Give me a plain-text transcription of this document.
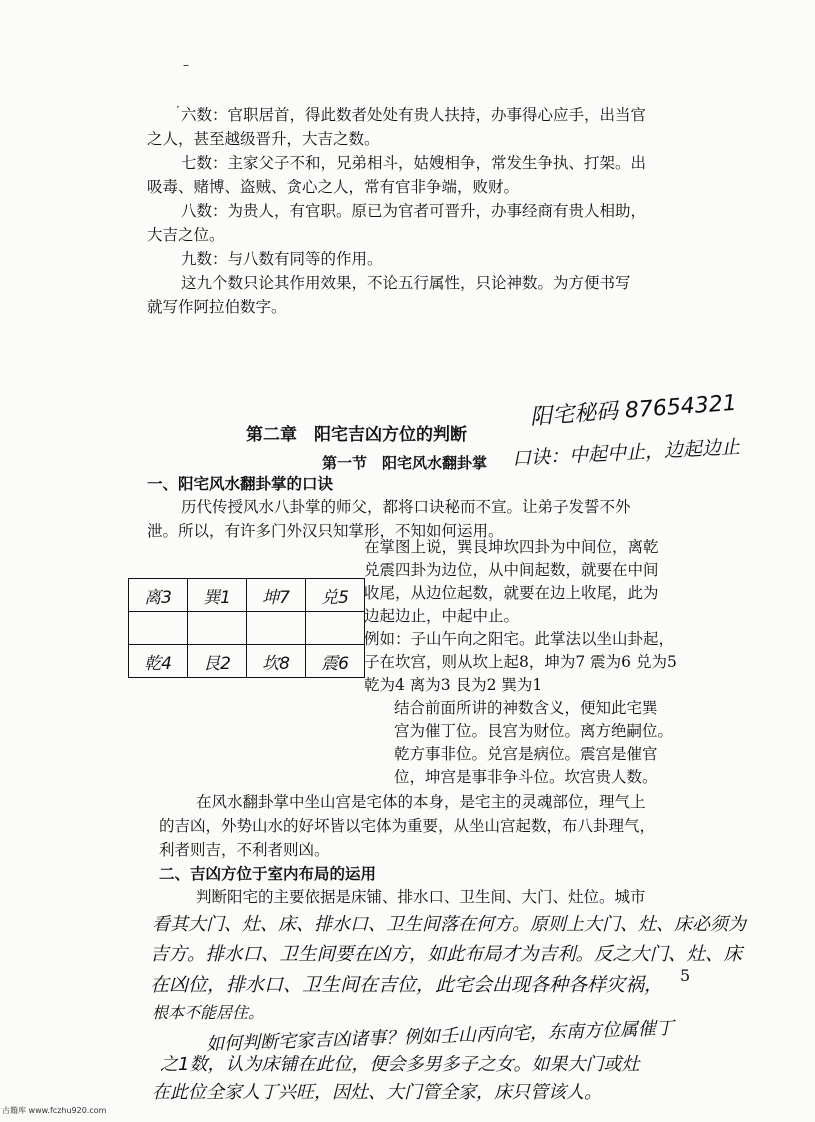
–
· 六数：官职居首，得此数者处处有贵人扶持，办事得心应手，出当官
之人，甚至越级晋升，大吉之数。
七数：主家父子不和，兄弟相斗，姑嫂相争，常发生争执、打架。出
吸毒、赌博、盗贼、贪心之人，常有官非争端，败财。
八数：为贵人，有官职。原已为官者可晋升，办事经商有贵人相助，
大吉之位。
九数：与八数有同等的作用。
这九个数只论其作用效果，不论五行属性，只论神数。为方便书写
就写作阿拉伯数字。
第二章　阳宅吉凶方位的判断
阳宅秘码 87654321
第一节　阳宅风水翻卦掌 口诀：中起中止，边起边止
一、阳宅风水翻卦掌的口诀
历代传授风水八卦掌的师父，都将口诀秘而不宣。让弟子发誓不外
泄。所以，有许多门外汉只知掌形，不知如何运用。
在掌图上说，巽艮坤坎四卦为中间位，离乾
兑震四卦为边位，从中间起数，就要在中间
收尾，从边位起数，就要在边上收尾，此为
边起边止，中起中止。
例如：子山午向之阳宅。此掌法以坐山卦起，
子在坎宫，则从坎上起8，坤为7 震为6 兑为5
乾为4 离为3 艮为2 巽为1
离3	巽1	坤7	兑5

乾4	艮2	坎8	震6
结合前面所讲的神数含义，便知此宅巽
宫为催丁位。艮宫为财位。离方绝嗣位。
乾方事非位。兑宫是病位。震宫是催官
位，坤宫是事非争斗位。坎宫贵人数。
在风水翻卦掌中坐山宫是宅体的本身，是宅主的灵魂部位，理气上
的吉凶，外势山水的好坏皆以宅体为重要，从坐山宫起数，布八卦理气，
利者则吉，不利者则凶。
二、吉凶方位于室内布局的运用
判断阳宅的主要依据是床铺、排水口、卫生间、大门、灶位。城市
看其大门、灶、床、排水口、卫生间落在何方。原则上大门、灶、床必须为
吉方。排水口、卫生间要在凶方，如此布局才为吉利。反之大门、灶、床
在凶位，排水口、卫生间在吉位，此宅会出现各种各样灾祸，
根本不能居住。
如何判断宅家吉凶诸事？例如壬山丙向宅，东南方位属催丁
之1数，认为床铺在此位，便会多男多子之女。如果大门或灶
在此位全家人丁兴旺，因灶、大门管全家，床只管该人。
5
古籍库 www.fczhu920.com
